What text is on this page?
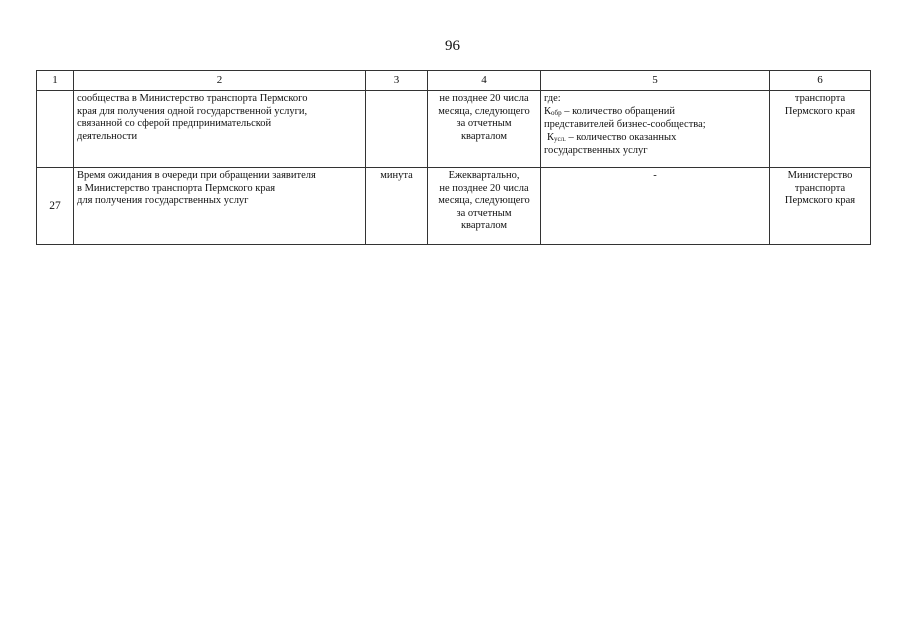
96
1	2	3	4	5	6

	сообщества в Министерство транспорта Пермского
края для получения одной государственной услуги,
связанной со сферой предпринимательской
деятельности		не позднее 20 числа
месяца, следующего
за отчетным
кварталом	где:
Кобр – количество обращений
представителей бизнес-сообщества;
Кусл. – количество оказанных
государственных услуг	транспорта
Пермского края

27	Время ожидания в очереди при обращении заявителя
в Министерство транспорта Пермского края
для получения государственных услуг	минута	Ежеквартально,
не позднее 20 числа
месяца, следующего
за отчетным
кварталом	-	Министерство
транспорта
Пермского края
